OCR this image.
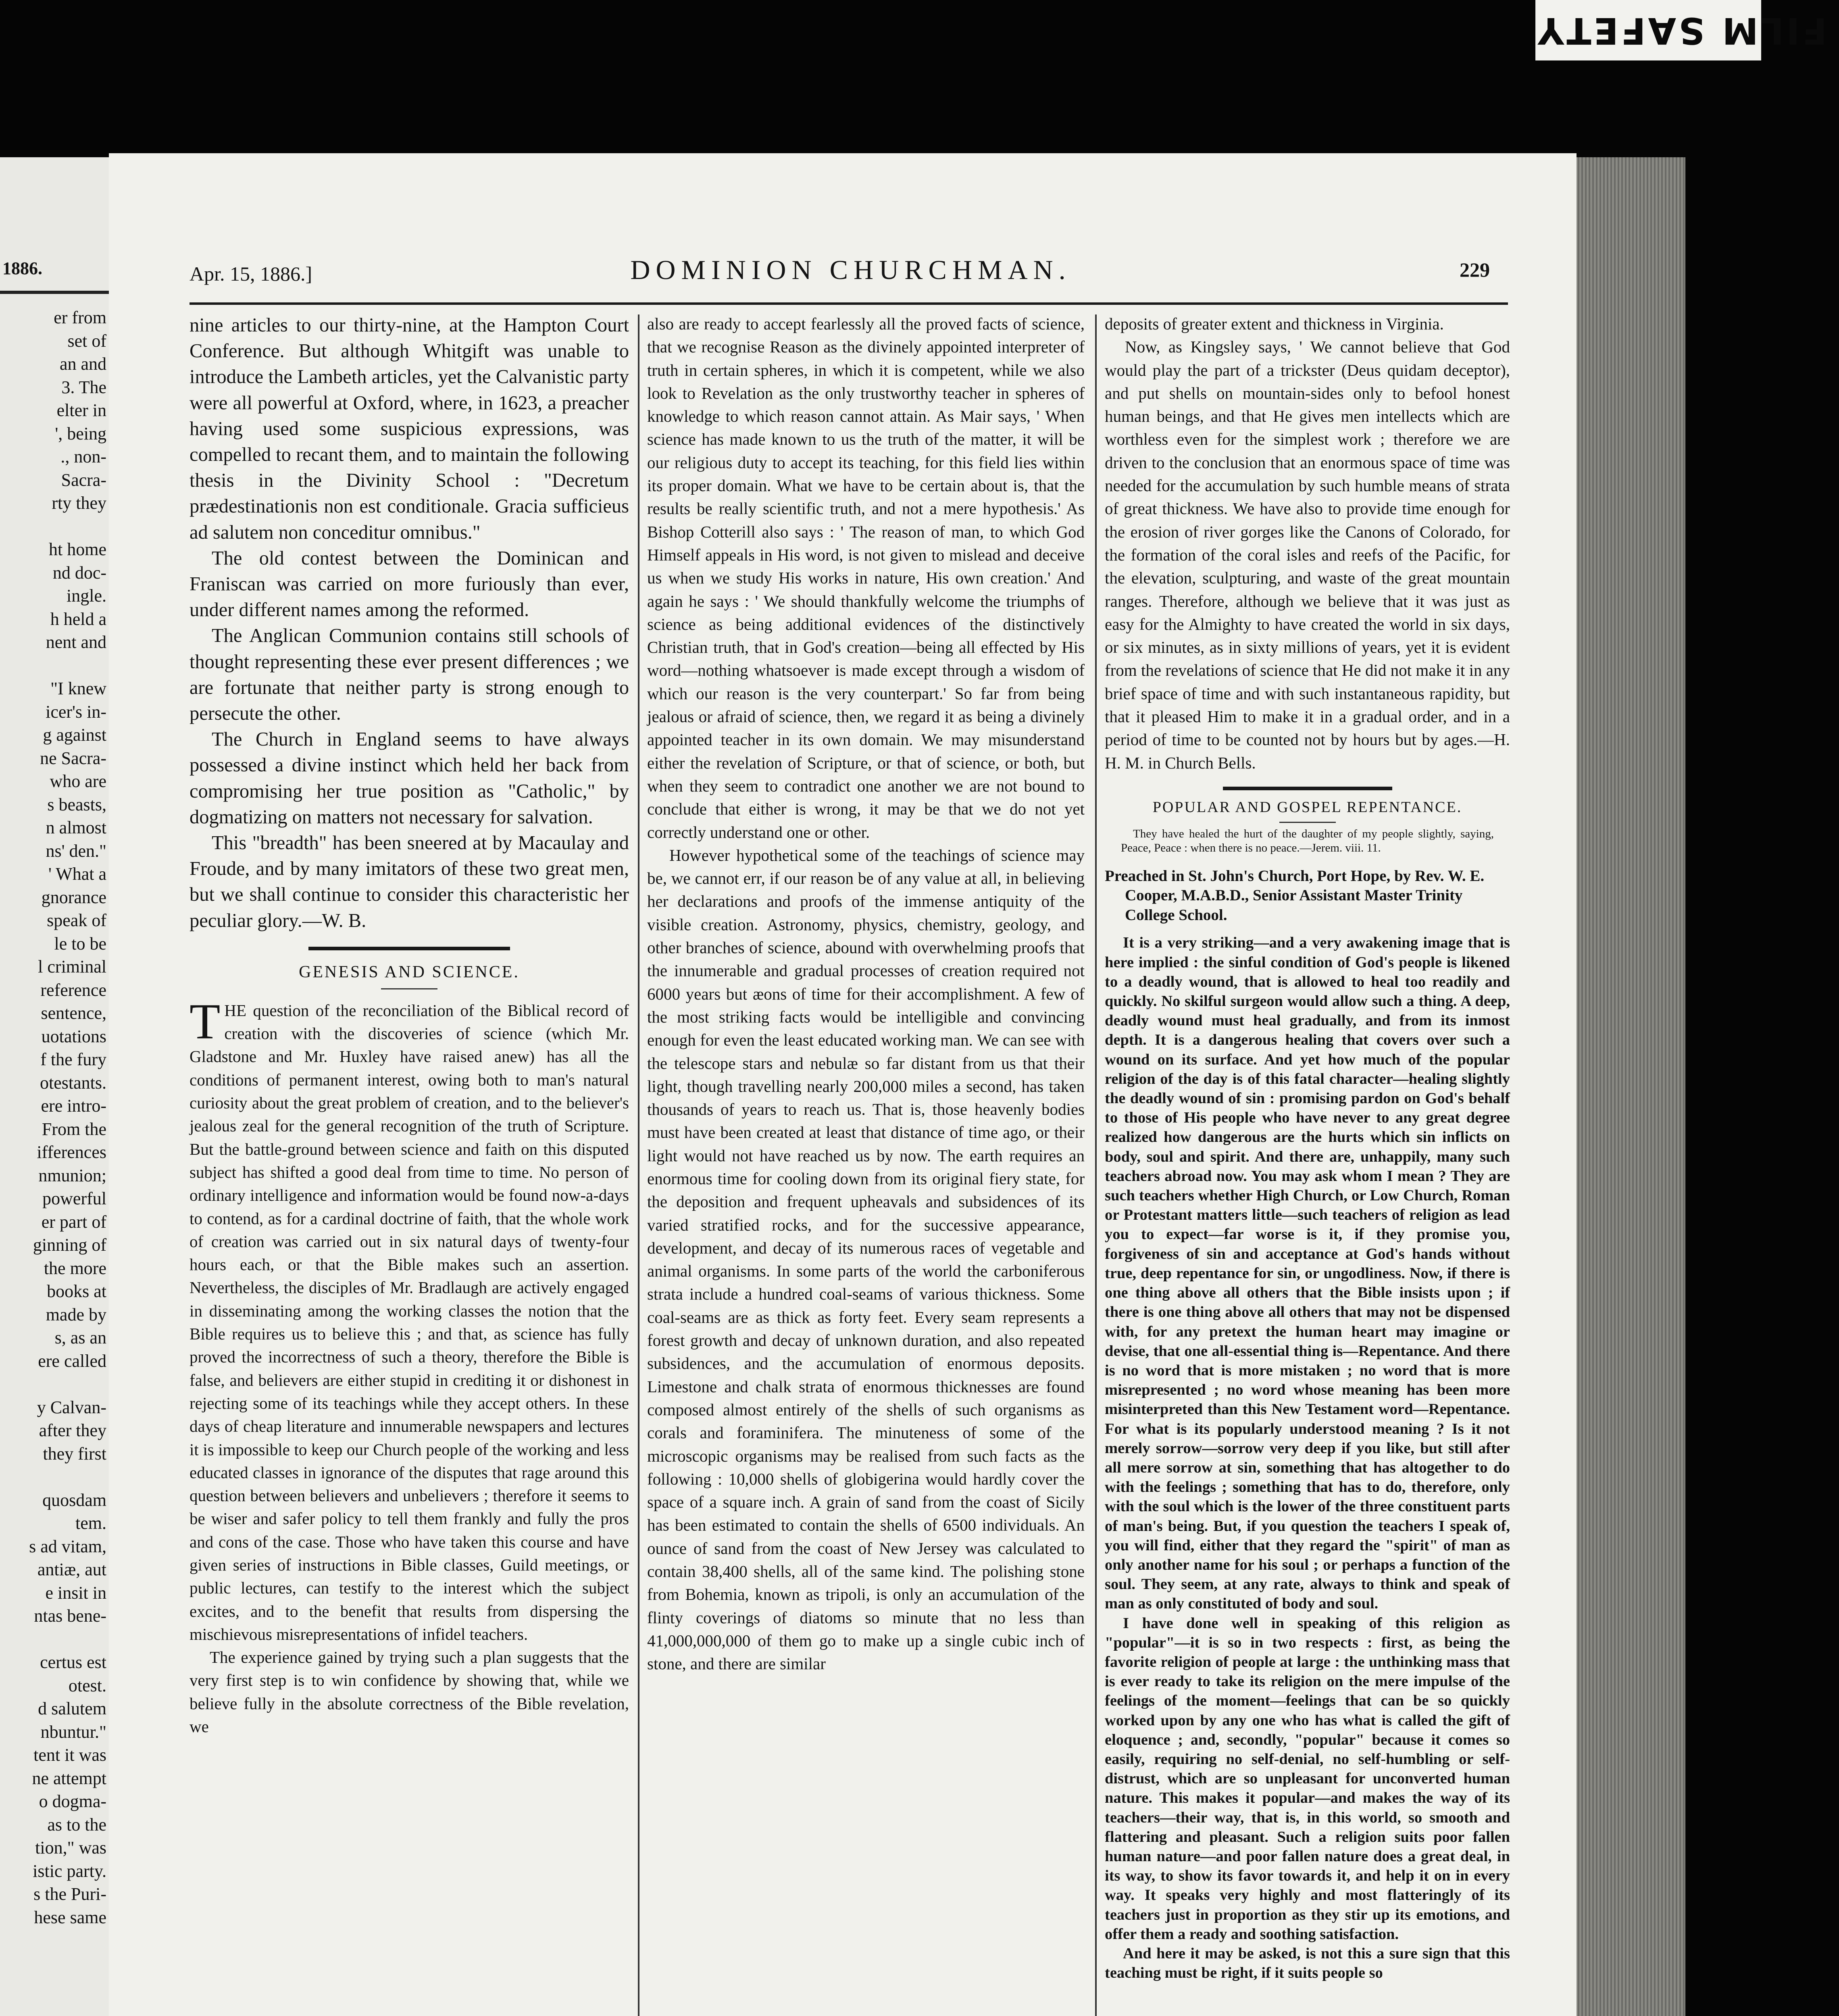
FILM SAFETY
1886.
er from
set of
an and
3. The
elter in
', being
., non-
Sacra-
rty they

ht home
nd doc-
ingle.
h held a
nent and

"I knew
icer's in-
g against
ne Sacra-
who are
s beasts,
n almost
ns' den."
' What a
gnorance
speak of
le to be
l criminal
reference
sentence,
uotations
f the fury
otestants.
ere intro-
From the
ifferences
nmunion;
powerful
er part of
ginning of
the more
books at
made by
s, as an
ere called

y Calvan-
after they
they first

quosdam
tem.
s ad vitam,
antiæ, aut
e insit in
ntas bene-

certus est
otest.
d salutem
nbuntur."
tent it was
ne attempt
o dogma-
as to the
tion," was
istic party.
s the Puri-
hese same
Apr. 15, 1886.]	DOMINION CHURCHMAN.	229

nine articles to our thirty-nine, at the Hampton Court Conference. But although Whitgift was unable to introduce the Lambeth articles, yet the Calvanistic party were all powerful at Oxford, where, in 1623, a preacher having used some suspicious expressions, was compelled to recant them, and to maintain the following thesis in the Divinity School : "Decretum prædestinationis non est conditionale. Gracia sufficieus ad salutem non conceditur omnibus."

The old contest between the Dominican and Franiscan was carried on more furiously than ever, under different names among the reformed.

The Anglican Communion contains still schools of thought representing these ever present differences ; we are fortunate that neither party is strong enough to persecute the other.

The Church in England seems to have always possessed a divine instinct which held her back from compromising her true position as "Catholic," by dogmatizing on matters not necessary for salvation.

This "breadth" has been sneered at by Macaulay and Froude, and by many imitators of these two great men, but we shall continue to consider this characteristic her peculiar glory.—W. B.

GENESIS AND SCIENCE.

THE question of the reconciliation of the Biblical record of creation with the discoveries of science (which Mr. Gladstone and Mr. Huxley have raised anew) has all the conditions of permanent interest, owing both to man's natural curiosity about the great problem of creation, and to the believer's jealous zeal for the general recognition of the truth of Scripture. But the battle-ground between science and faith on this disputed subject has shifted a good deal from time to time. No person of ordinary intelligence and information would be found now-a-days to contend, as for a cardinal doctrine of faith, that the whole work of creation was carried out in six natural days of twenty-four hours each, or that the Bible makes such an assertion. Nevertheless, the disciples of Mr. Bradlaugh are actively engaged in disseminating among the working classes the notion that the Bible requires us to believe this ; and that, as science has fully proved the incorrectness of such a theory, therefore the Bible is false, and believers are either stupid in crediting it or dishonest in rejecting some of its teachings while they accept others. In these days of cheap literature and innumerable newspapers and lectures it is impossible to keep our Church people of the working and less educated classes in ignorance of the disputes that rage around this question between believers and unbelievers ; therefore it seems to be wiser and safer policy to tell them frankly and fully the pros and cons of the case. Those who have taken this course and have given series of instructions in Bible classes, Guild meetings, or public lectures, can testify to the interest which the subject excites, and to the benefit that results from dispersing the mischievous misrepresentations of infidel teachers.

The experience gained by trying such a plan suggests that the very first step is to win confidence by showing that, while we believe fully in the absolute correctness of the Bible revelation, we

also are ready to accept fearlessly all the proved facts of science, that we recognise Reason as the divinely appointed interpreter of truth in certain spheres, in which it is competent, while we also look to Revelation as the only trustworthy teacher in spheres of knowledge to which reason cannot attain. As Mair says, ' When science has made known to us the truth of the matter, it will be our religious duty to accept its teaching, for this field lies within its proper domain. What we have to be certain about is, that the results be really scientific truth, and not a mere hypothesis.' As Bishop Cotterill also says : ' The reason of man, to which God Himself appeals in His word, is not given to mislead and deceive us when we study His works in nature, His own creation.' And again he says : ' We should thankfully welcome the triumphs of science as being additional evidences of the distinctively Christian truth, that in God's creation—being all effected by His word—nothing whatsoever is made except through a wisdom of which our reason is the very counterpart.' So far from being jealous or afraid of science, then, we regard it as being a divinely appointed teacher in its own domain. We may misunderstand either the revelation of Scripture, or that of science, or both, but when they seem to contradict one another we are not bound to conclude that either is wrong, it may be that we do not yet correctly understand one or other.

However hypothetical some of the teachings of science may be, we cannot err, if our reason be of any value at all, in believing her declarations and proofs of the immense antiquity of the visible creation. Astronomy, physics, chemistry, geology, and other branches of science, abound with overwhelming proofs that the innumerable and gradual processes of creation required not 6000 years but æons of time for their accomplishment. A few of the most striking facts would be intelligible and convincing enough for even the least educated working man. We can see with the telescope stars and nebulæ so far distant from us that their light, though travelling nearly 200,000 miles a second, has taken thousands of years to reach us. That is, those heavenly bodies must have been created at least that distance of time ago, or their light would not have reached us by now. The earth requires an enormous time for cooling down from its original fiery state, for the deposition and frequent upheavals and subsidences of its varied stratified rocks, and for the successive appearance, development, and decay of its numerous races of vegetable and animal organisms. In some parts of the world the carboniferous strata include a hundred coal-seams of various thickness. Some coal-seams are as thick as forty feet. Every seam represents a forest growth and decay of unknown duration, and also repeated subsidences, and the accumulation of enormous deposits. Limestone and chalk strata of enormous thicknesses are found composed almost entirely of the shells of such organisms as corals and foraminifera. The minuteness of some of the microscopic organisms may be realised from such facts as the following : 10,000 shells of globigerina would hardly cover the space of a square inch. A grain of sand from the coast of Sicily has been estimated to contain the shells of 6500 individuals. An ounce of sand from the coast of New Jersey was calculated to contain 38,400 shells, all of the same kind. The polishing stone from Bohemia, known as tripoli, is only an accumulation of the flinty coverings of diatoms so minute that no less than 41,000,000,000 of them go to make up a single cubic inch of stone, and there are similar

deposits of greater extent and thickness in Virginia.

Now, as Kingsley says, ' We cannot believe that God would play the part of a trickster (Deus quidam deceptor), and put shells on mountain-sides only to befool honest human beings, and that He gives men intellects which are worthless even for the simplest work ; therefore we are driven to the conclusion that an enormous space of time was needed for the accumulation by such humble means of strata of great thickness. We have also to provide time enough for the erosion of river gorges like the Canons of Colorado, for the formation of the coral isles and reefs of the Pacific, for the elevation, sculpturing, and waste of the great mountain ranges. Therefore, although we believe that it was just as easy for the Almighty to have created the world in six days, or six minutes, as in sixty millions of years, yet it is evident from the revelations of science that He did not make it in any brief space of time and with such instantaneous rapidity, but that it pleased Him to make it in a gradual order, and in a period of time to be counted not by hours but by ages.—H. H. M. in Church Bells.

POPULAR AND GOSPEL REPENTANCE.

They have healed the hurt of the daughter of my people slightly, saying, Peace, Peace : when there is no peace.—Jerem. viii. 11.

Preached in St. John's Church, Port Hope, by Rev. W. E. Cooper, M.A.B.D., Senior Assistant Master Trinity College School.

It is a very striking—and a very awakening image that is here implied : the sinful condition of God's people is likened to a deadly wound, that is allowed to heal too readily and quickly. No skilful surgeon would allow such a thing. A deep, deadly wound must heal gradually, and from its inmost depth. It is a dangerous healing that covers over such a wound on its surface. And yet how much of the popular religion of the day is of this fatal character—healing slightly the deadly wound of sin : promising pardon on God's behalf to those of His people who have never to any great degree realized how dangerous are the hurts which sin inflicts on body, soul and spirit. And there are, unhappily, many such teachers abroad now. You may ask whom I mean ? They are such teachers whether High Church, or Low Church, Roman or Protestant matters little—such teachers of religion as lead you to expect—far worse is it, if they promise you, forgiveness of sin and acceptance at God's hands without true, deep repentance for sin, or ungodliness. Now, if there is one thing above all others that the Bible insists upon ; if there is one thing above all others that may not be dispensed with, for any pretext the human heart may imagine or devise, that one all-essential thing is—Repentance. And there is no word that is more mistaken ; no word that is more misrepresented ; no word whose meaning has been more misinterpreted than this New Testament word—Repentance. For what is its popularly understood meaning ? Is it not merely sorrow—sorrow very deep if you like, but still after all mere sorrow at sin, something that has altogether to do with the feelings ; something that has to do, therefore, only with the soul which is the lower of the three constituent parts of man's being. But, if you question the teachers I speak of, you will find, either that they regard the "spirit" of man as only another name for his soul ; or perhaps a function of the soul. They seem, at any rate, always to think and speak of man as only constituted of body and soul.

I have done well in speaking of this religion as "popular"—it is so in two respects : first, as being the favorite religion of people at large : the unthinking mass that is ever ready to take its religion on the mere impulse of the feelings of the moment—feelings that can be so quickly worked upon by any one who has what is called the gift of eloquence ; and, secondly, "popular" because it comes so easily, requiring no self-denial, no self-humbling or self-distrust, which are so unpleasant for unconverted human nature. This makes it popular—and makes the way of its teachers—their way, that is, in this world, so smooth and flattering and pleasant. Such a religion suits poor fallen human nature—and poor fallen nature does a great deal, in its way, to show its favor towards it, and help it on in every way. It speaks very highly and most flatteringly of its teachers just in proportion as they stir up its emotions, and offer them a ready and soothing satisfaction.

And here it may be asked, is not this a sure sign that this teaching must be right, if it suits people so
